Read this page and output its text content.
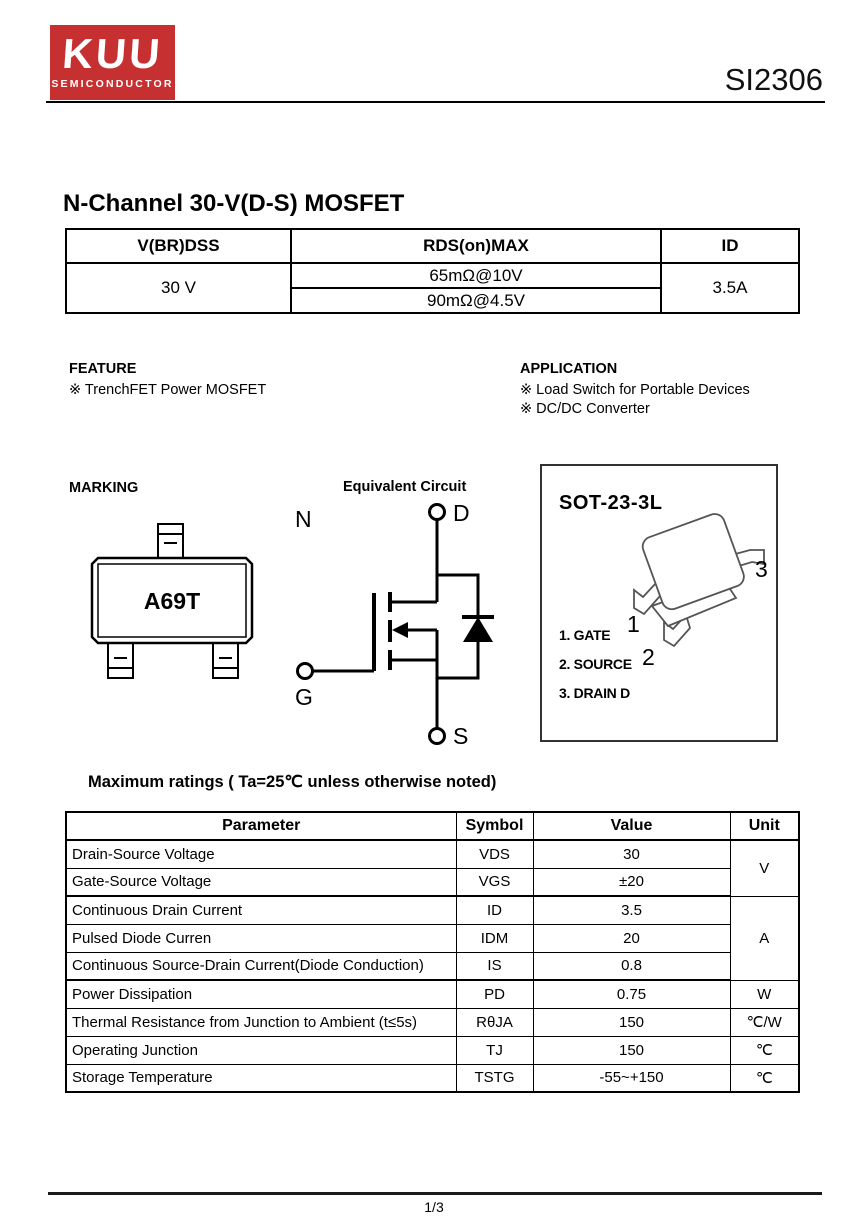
KUU
SEMICONDUCTOR	SI2306
N-Channel 30-V(D-S) MOSFET
V(BR)DSS	RDS(on)MAX	ID
30 V	65mΩ@10V	3.5A
	90mΩ@4.5V	
FEATURE
※ TrenchFET Power MOSFET
APPLICATION
※ Load Switch for Portable Devices
※ DC/DC Converter
MARKING
A69T
Equivalent Circuit
N	D
G
S
SOT-23-3L
1. GATE
2. SOURCE
3. DRAIN D
1
2
3
Maximum ratings ( Ta=25℃ unless otherwise noted)
Parameter	Symbol	Value	Unit
Drain-Source Voltage	VDS	30	V
Gate-Source Voltage	VGS	±20	
Continuous Drain Current	ID	3.5	A
Pulsed Diode Curren	IDM	20	
Continuous Source-Drain Current(Diode Conduction)	IS	0.8	
Power Dissipation	PD	0.75	W
Thermal Resistance from Junction to Ambient (t≤5s)	RθJA	150	℃/W
Operating Junction	TJ	150	℃
Storage Temperature	TSTG	-55~+150	℃
1/3
